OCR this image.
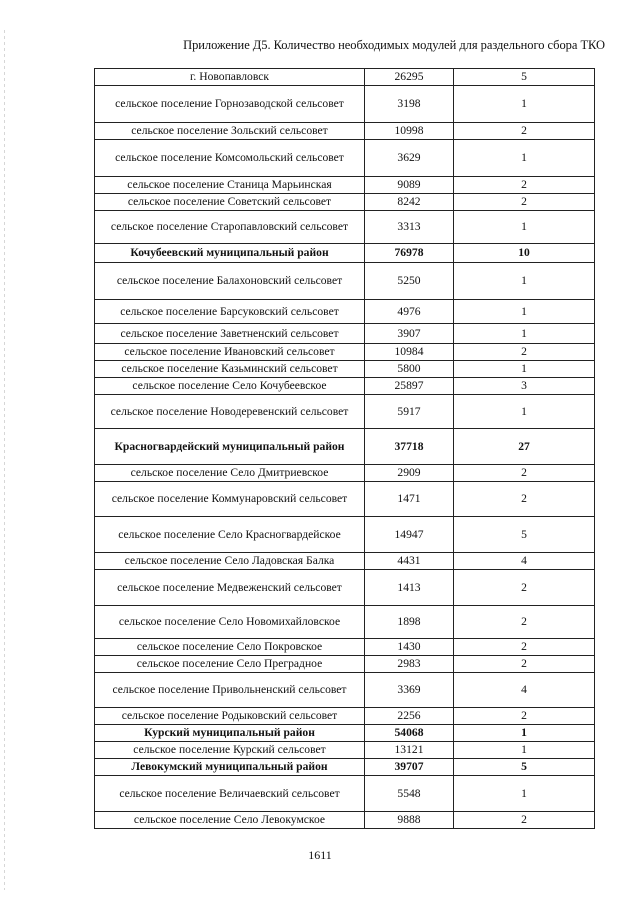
Приложение Д5. Количество необходимых модулей для раздельного сбора ТКО
г. Новопавловск	26295	5
сельское поселение Горнозаводской сельсовет	3198	1
сельское поселение Зольский сельсовет	10998	2
сельское поселение Комсомольский сельсовет	3629	1
сельское поселение Станица Марьинская	9089	2
сельское поселение Советский сельсовет	8242	2
сельское поселение Старопавловский сельсовет	3313	1
Кочубеевский муниципальный район	76978	10
сельское поселение Балахоновский сельсовет	5250	1
сельское поселение Барсуковский сельсовет	4976	1
сельское поселение Заветненский сельсовет	3907	1
сельское поселение Ивановский сельсовет	10984	2
сельское поселение Казьминский сельсовет	5800	1
сельское поселение Село Кочубеевское	25897	3
сельское поселение Новодеревенский сельсовет	5917	1
Красногвардейский муниципальный район	37718	27
сельское поселение Село Дмитриевское	2909	2
сельское поселение Коммунаровский сельсовет	1471	2
сельское поселение Село Красногвардейское	14947	5
сельское поселение Село Ладовская Балка	4431	4
сельское поселение Медвеженский сельсовет	1413	2
сельское поселение Село Новомихайловское	1898	2
сельское поселение Село Покровское	1430	2
сельское поселение Село Преградное	2983	2
сельское поселение Привольненский сельсовет	3369	4
сельское поселение Родыковский сельсовет	2256	2
Курский муниципальный район	54068	1
сельское поселение Курский сельсовет	13121	1
Левокумский муниципальный район	39707	5
сельское поселение Величаевский сельсовет	5548	1
сельское поселение Село Левокумское	9888	2
1611
